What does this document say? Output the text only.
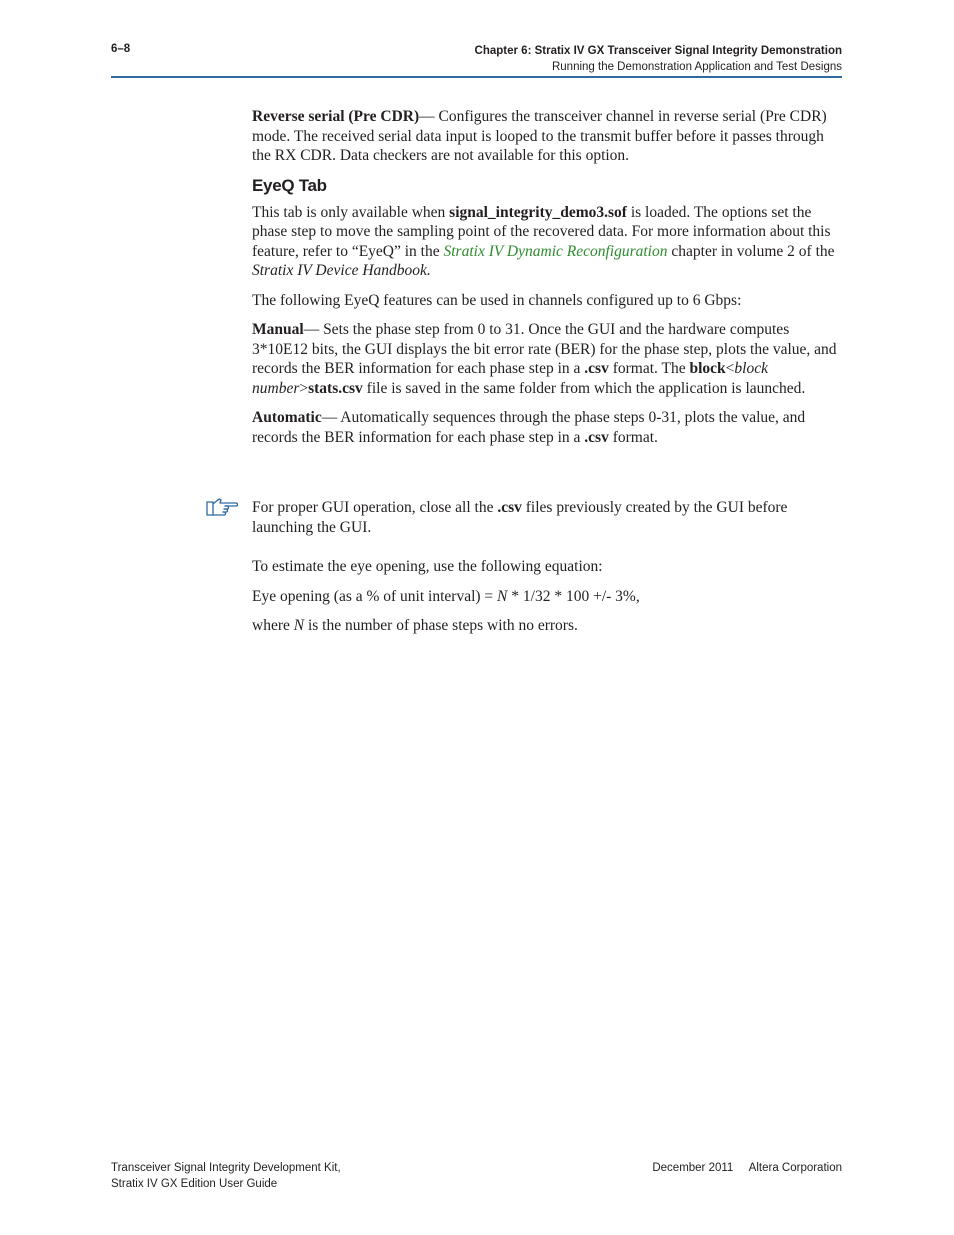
6–8	Chapter 6: Stratix IV GX Transceiver Signal Integrity Demonstration
Running the Demonstration Application and Test Designs

Reverse serial (Pre CDR)— Configures the transceiver channel in reverse serial (Pre CDR) mode. The received serial data input is looped to the transmit buffer before it passes through the RX CDR. Data checkers are not available for this option.

EyeQ Tab

This tab is only available when signal_integrity_demo3.sof is loaded. The options set the phase step to move the sampling point of the recovered data. For more information about this feature, refer to “EyeQ” in the Stratix IV Dynamic Reconfiguration chapter in volume 2 of the Stratix IV Device Handbook.

The following EyeQ features can be used in channels configured up to 6 Gbps:

Manual— Sets the phase step from 0 to 31. Once the GUI and the hardware computes 3*10E12 bits, the GUI displays the bit error rate (BER) for the phase step, plots the value, and records the BER information for each phase step in a .csv format. The block<block number>stats.csv file is saved in the same folder from which the application is launched.

Automatic— Automatically sequences through the phase steps 0-31, plots the value, and records the BER information for each phase step in a .csv format.

For proper GUI operation, close all the .csv files previously created by the GUI before launching the GUI.

To estimate the eye opening, use the following equation:

Eye opening (as a % of unit interval) = N * 1/32 * 100 +/- 3%,

where N is the number of phase steps with no errors.

Transceiver Signal Integrity Development Kit,
Stratix IV GX Edition User Guide
December 2011 Altera Corporation
